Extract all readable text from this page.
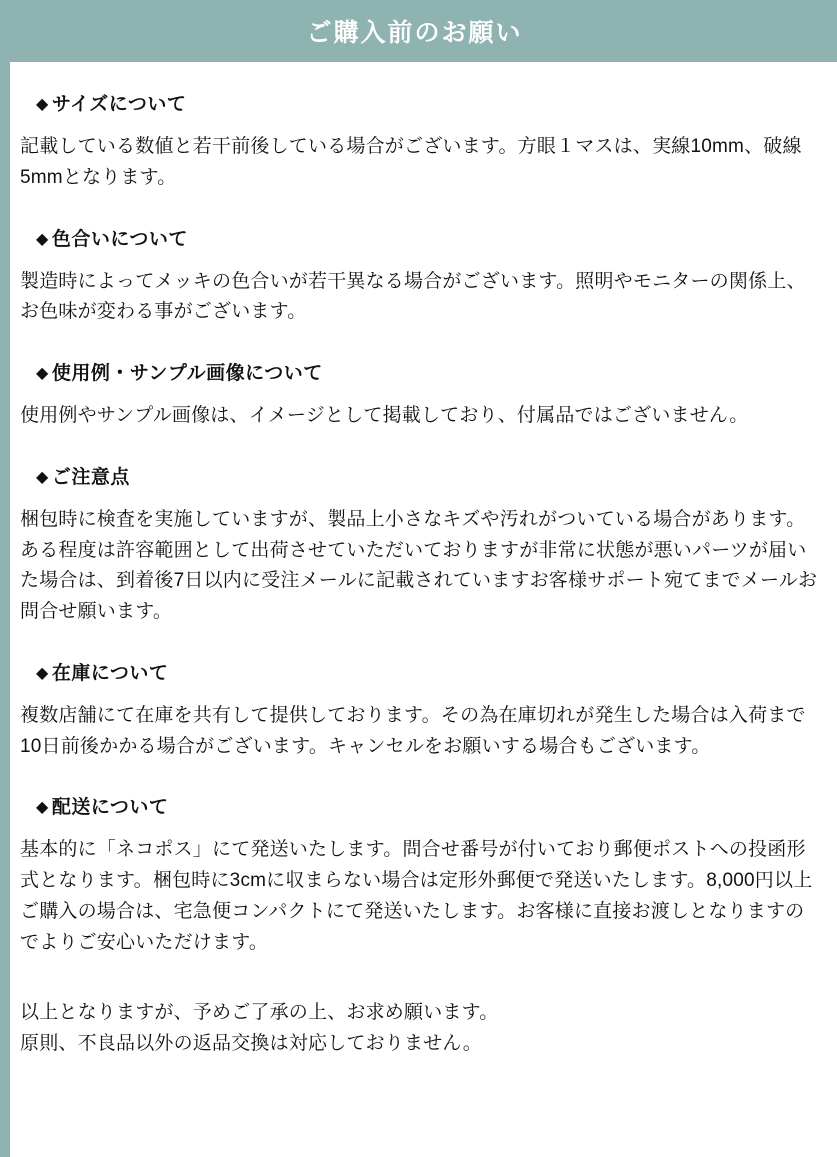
ご購入前のお願い
◆ サイズについて

記載している数値と若干前後している場合がございます。方眼１マスは、実線10mm、破線5mmとなります。

◆ 色合いについて

製造時によってメッキの色合いが若干異なる場合がございます。照明やモニターの関係上、お色味が変わる事がございます。

◆ 使用例・サンプル画像について

使用例やサンプル画像は、イメージとして掲載しており、付属品ではございません。

◆ ご注意点

梱包時に検査を実施していますが、製品上小さなキズや汚れがついている場合があります。ある程度は許容範囲として出荷させていただいておりますが非常に状態が悪いパーツが届いた場合は、到着後7日以内に受注メールに記載されていますお客様サポート宛てまでメールお問合せ願います。

◆ 在庫について

複数店舗にて在庫を共有して提供しております。その為在庫切れが発生した場合は入荷まで10日前後かかる場合がございます。キャンセルをお願いする場合もございます。

◆ 配送について

基本的に「ネコポス」にて発送いたします。問合せ番号が付いており郵便ポストへの投函形式となります。梱包時に3cmに収まらない場合は定形外郵便で発送いたします。8,000円以上ご購入の場合は、宅急便コンパクトにて発送いたします。お客様に直接お渡しとなりますのでよりご安心いただけます。

以上となりますが、予めご了承の上、お求め願います。
原則、不良品以外の返品交換は対応しておりません。
